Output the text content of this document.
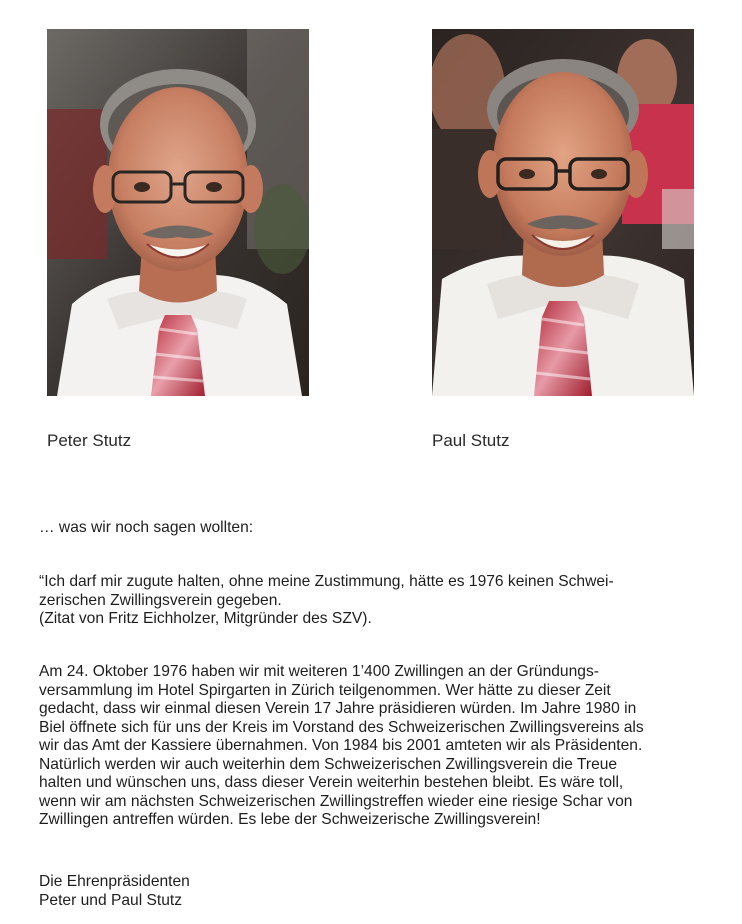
Peter Stutz	Paul Stutz

… was wir noch sagen wollten:

“Ich darf mir zugute halten, ohne meine Zustimmung, hätte es 1976 keinen Schwei-
zerischen Zwillingsverein gegeben.
(Zitat von Fritz Eichholzer, Mitgründer des SZV).
Am 24. Oktober 1976 haben wir mit weiteren 1’400 Zwillingen an der Gründungs-
versammlung im Hotel Spirgarten in Zürich teilgenommen. Wer hätte zu dieser Zeit
gedacht, dass wir einmal diesen Verein 17 Jahre präsidieren würden. Im Jahre 1980 in
Biel öffnete sich für uns der Kreis im Vorstand des Schweizerischen Zwillingsvereins als
wir das Amt der Kassiere übernahmen. Von 1984 bis 2001 amteten wir als Präsidenten.
Natürlich werden wir auch weiterhin dem Schweizerischen Zwillingsverein die Treue
halten und wünschen uns, dass dieser Verein weiterhin bestehen bleibt. Es wäre toll,
wenn wir am nächsten Schweizerischen Zwillingstreffen wieder eine riesige Schar von
Zwillingen antreffen würden. Es lebe der Schweizerische Zwillingsverein!
Die Ehrenpräsidenten
Peter und Paul Stutz
